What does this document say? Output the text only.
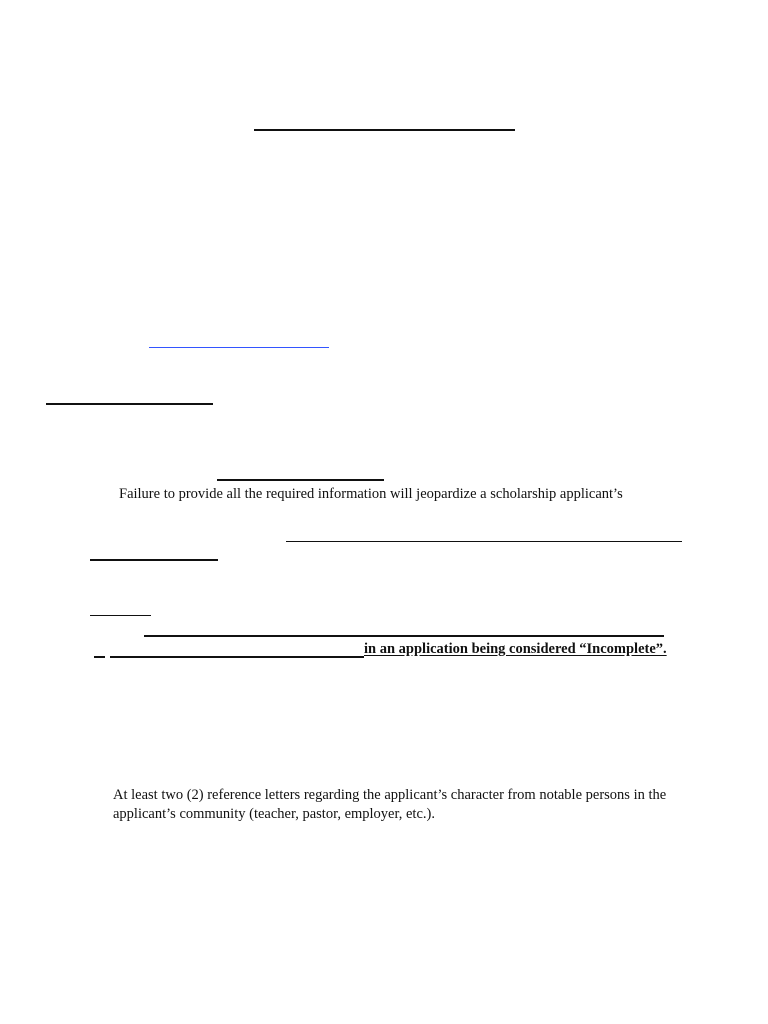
Failure to provide all the required information will jeopardize a scholarship applicant’s
in an application being considered “Incomplete”.
At least two (2) reference letters regarding the applicant’s character from notable persons in the applicant’s community (teacher, pastor, employer, etc.).
